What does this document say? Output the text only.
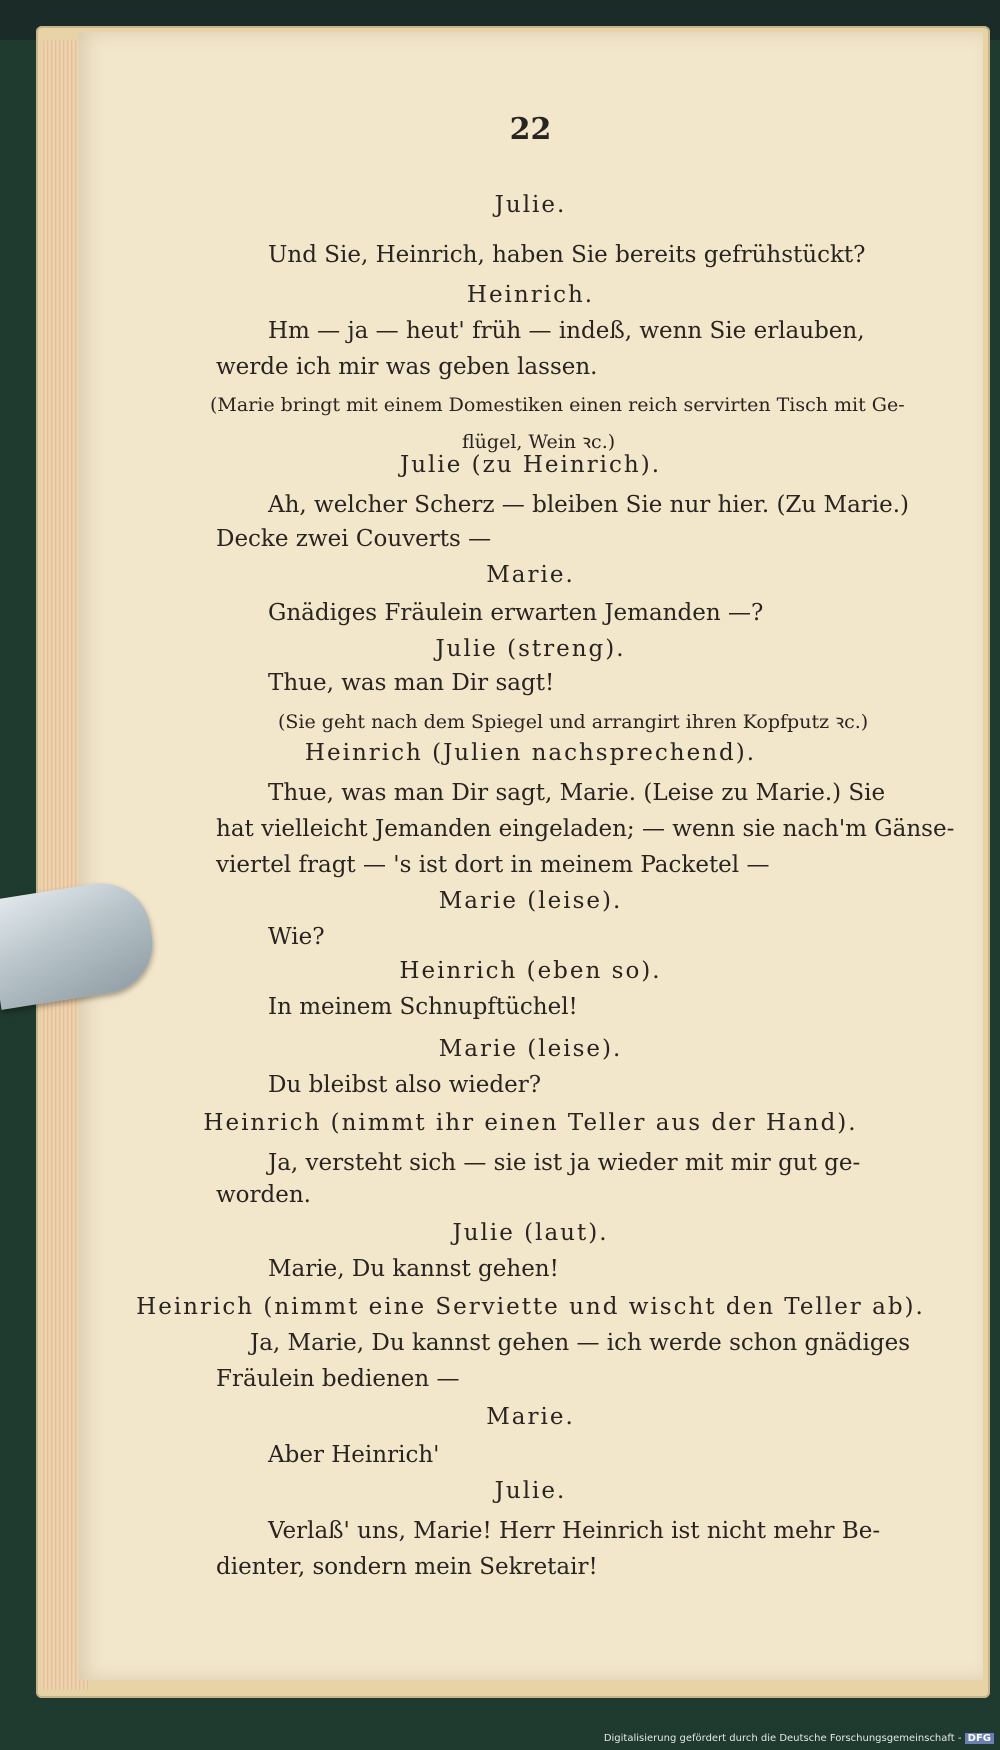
22
Julie.
Und Sie, Heinrich, haben Sie bereits gefrühstückt?
Heinrich.
Hm — ja — heut' früh — indeß, wenn Sie erlauben,
werde ich mir was geben lassen.
(Marie bringt mit einem Domestiken einen reich servirten Tisch mit Ge-
flügel, Wein ꝛc.)
Julie (zu Heinrich).
Ah, welcher Scherz — bleiben Sie nur hier. (Zu Marie.)
Decke zwei Couverts —
Marie.
Gnädiges Fräulein erwarten Jemanden —?
Julie (streng).
Thue, was man Dir sagt!
(Sie geht nach dem Spiegel und arrangirt ihren Kopfputz ꝛc.)
Heinrich (Julien nachsprechend).
Thue, was man Dir sagt, Marie. (Leise zu Marie.) Sie
hat vielleicht Jemanden eingeladen; — wenn sie nach'm Gänse-
viertel fragt — 's ist dort in meinem Packetel —
Marie (leise).
Wie?
Heinrich (eben so).
In meinem Schnupftüchel!
Marie (leise).
Du bleibst also wieder?
Heinrich (nimmt ihr einen Teller aus der Hand).
Ja, versteht sich — sie ist ja wieder mit mir gut ge-
worden.
Julie (laut).
Marie, Du kannst gehen!
Heinrich (nimmt eine Serviette und wischt den Teller ab).
Ja, Marie, Du kannst gehen — ich werde schon gnädiges
Fräulein bedienen —
Marie.
Aber Heinrich'
Julie.
Verlaß' uns, Marie! Herr Heinrich ist nicht mehr Be-
dienter, sondern mein Sekretair!
Digitalisierung gefördert durch die Deutsche Forschungsgemeinschaft - DFG
